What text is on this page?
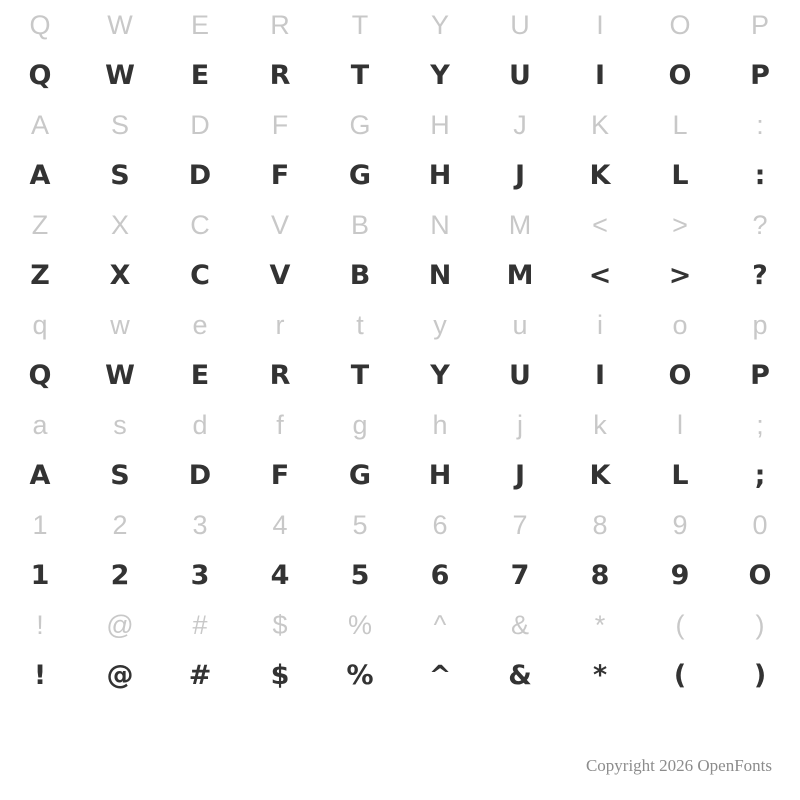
Q	W	E	R	T	Y	U	I	O	P
Q	W	E	R	T	Y	U	I	O	P
A	S	D	F	G	H	J	K	L	:
A	S	D	F	G	H	J	K	L	:
Z	X	C	V	B	N	M	<	>	?
Z	X	C	V	B	N	M	<	>	?
q	w	e	r	t	y	u	i	o	p
Q	W	E	R	T	Y	U	I	O	P
a	s	d	f	g	h	j	k	l	;
A	S	D	F	G	H	J	K	L	;
1	2	3	4	5	6	7	8	9	0
1	2	3	4	5	6	7	8	9	O
!	@	#	$	%	^	&	*	(	)
!	@	#	$	%	^	&	*	(	)
Copyright 2026 OpenFonts
